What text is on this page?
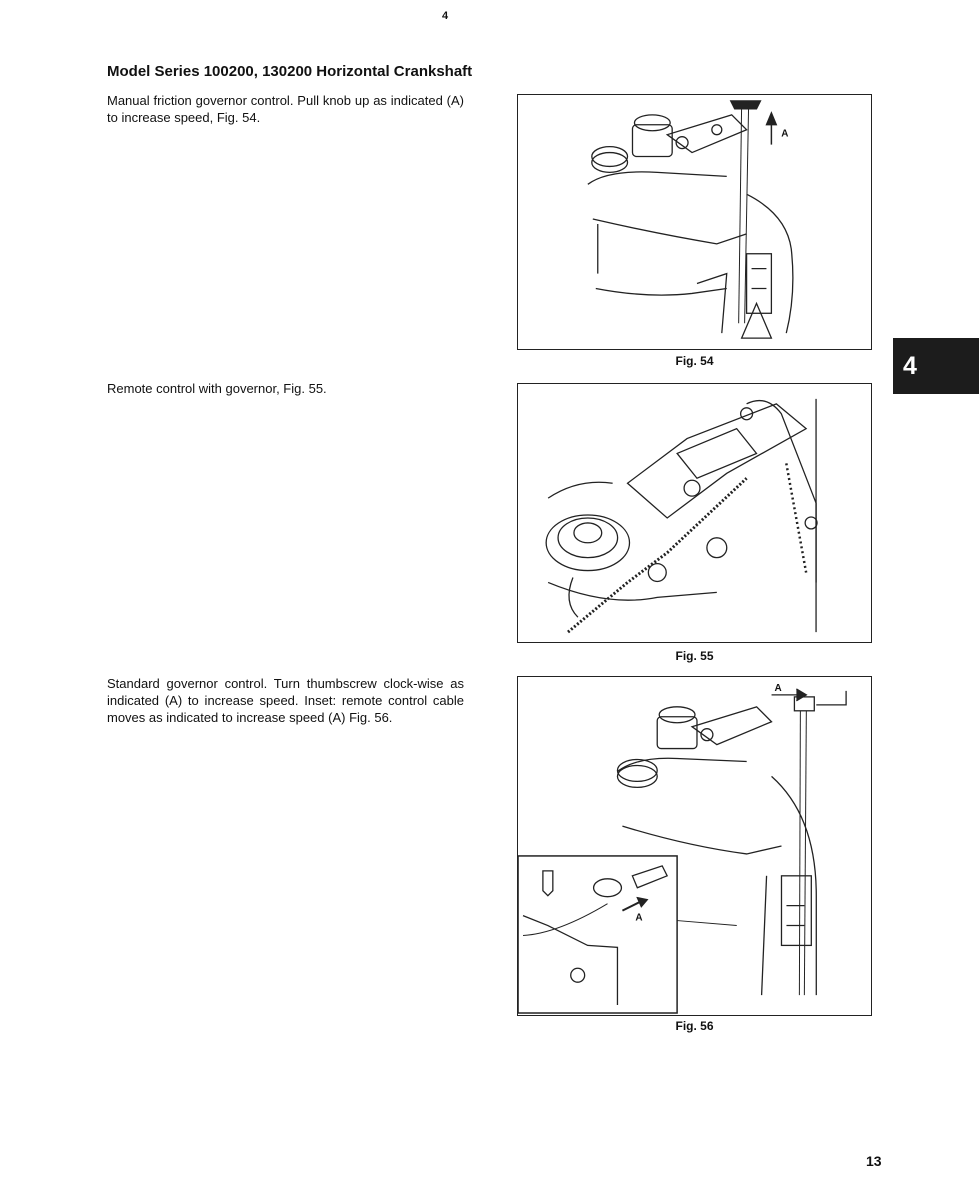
4
Model Series 100200, 130200 Horizontal Crankshaft

Manual friction governor control. Pull knob up as indicated (A) to increase speed, Fig. 54.

Remote control with governor, Fig. 55.

Standard governor control. Turn thumbscrew clock-wise as indicated (A) to increase speed. Inset: remote control cable moves as indicated to increase speed (A) Fig. 56.

A
Fig. 54
Fig. 55
A
A
Fig. 56
4
13
